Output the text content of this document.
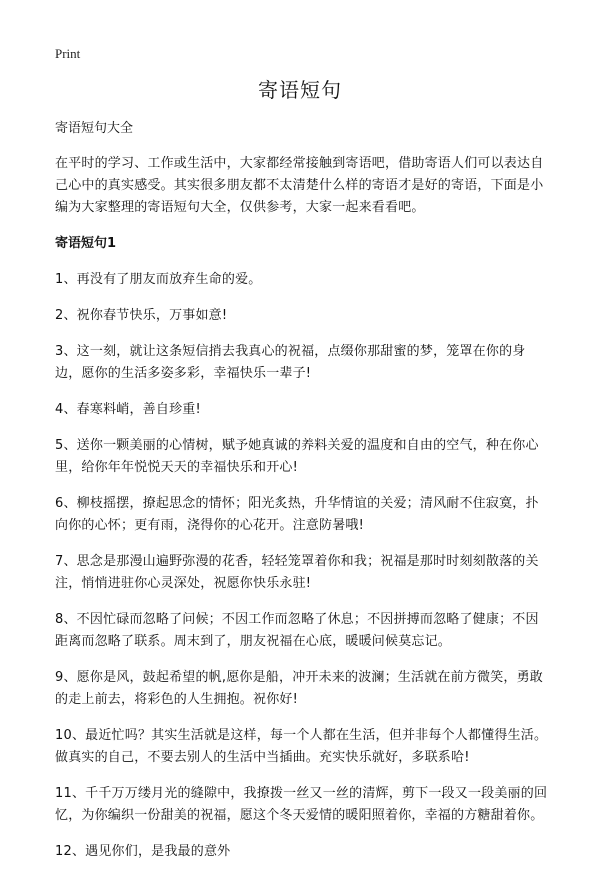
Print
寄语短句

寄语短句大全

在平时的学习、工作或生活中，大家都经常接触到寄语吧，借助寄语人们可以表达自己心中的真实感受。其实很多朋友都不太清楚什么样的寄语才是好的寄语，下面是小编为大家整理的寄语短句大全，仅供参考，大家一起来看看吧。

寄语短句1

1、再没有了朋友而放弃生命的爱。
2、祝你春节快乐，万事如意!
3、这一刻，就让这条短信捎去我真心的祝福，点缀你那甜蜜的梦，笼罩在你的身边，愿你的生活多姿多彩，幸福快乐一辈子!
4、春寒料峭，善自珍重!
5、送你一颗美丽的心情树，赋予她真诚的养料关爱的温度和自由的空气，种在你心里，给你年年悦悦天天的幸福快乐和开心!
6、柳枝摇摆，撩起思念的情怀；阳光炙热，升华情谊的关爱；清风耐不住寂寞，扑向你的心怀；更有雨，浇得你的心花开。注意防暑哦!
7、思念是那漫山遍野弥漫的花香，轻轻笼罩着你和我；祝福是那时时刻刻散落的关注，悄悄进驻你心灵深处，祝愿你快乐永驻!
8、不因忙碌而忽略了问候；不因工作而忽略了休息；不因拼搏而忽略了健康；不因距离而忽略了联系。周末到了，朋友祝福在心底，暖暖问候莫忘记。
9、愿你是风，鼓起希望的帆,愿你是船，冲开未来的波澜；生活就在前方微笑，勇敢的走上前去，将彩色的人生拥抱。祝你好!
10、最近忙吗？其实生活就是这样，每一个人都在生活，但并非每个人都懂得生活。做真实的自己，不要去别人的生活中当插曲。充实快乐就好，多联系哈!
11、千千万万缕月光的缝隙中，我撩拨一丝又一丝的清辉，剪下一段又一段美丽的回忆，为你编织一份甜美的祝福，愿这个冬天爱情的暖阳照着你，幸福的方糖甜着你。
12、遇见你们，是我最的意外
